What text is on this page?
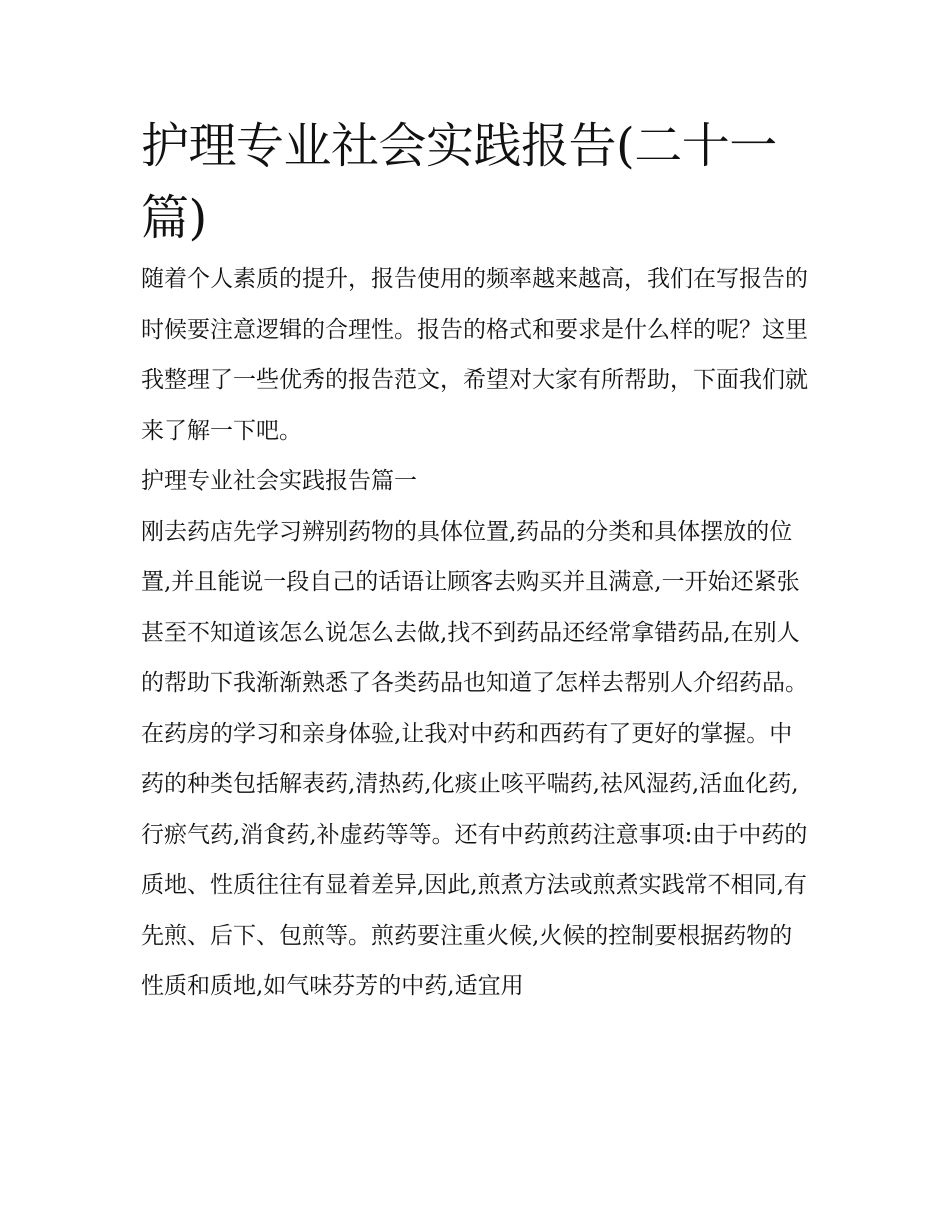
护理专业社会实践报告(二十一篇)

随着个人素质的提升，报告使用的频率越来越高，我们在写报告的时候要注意逻辑的合理性。报告的格式和要求是什么样的呢？这里我整理了一些优秀的报告范文，希望对大家有所帮助，下面我们就来了解一下吧。

护理专业社会实践报告篇一

刚去药店先学习辨别药物的具体位置,药品的分类和具体摆放的位置,并且能说一段自己的话语让顾客去购买并且满意,一开始还紧张甚至不知道该怎么说怎么去做,找不到药品还经常拿错药品,在别人的帮助下我渐渐熟悉了各类药品也知道了怎样去帮别人介绍药品。

在药房的学习和亲身体验,让我对中药和西药有了更好的掌握。中药的种类包括解表药,清热药,化痰止咳平喘药,祛风湿药,活血化药,行瘀气药,消食药,补虚药等等。还有中药煎药注意事项:由于中药的质地、性质往往有显着差异,因此,煎煮方法或煎煮实践常不相同,有先煎、后下、包煎等。煎药要注重火候,火候的控制要根据药物的性质和质地,如气味芬芳的中药,适宜用
